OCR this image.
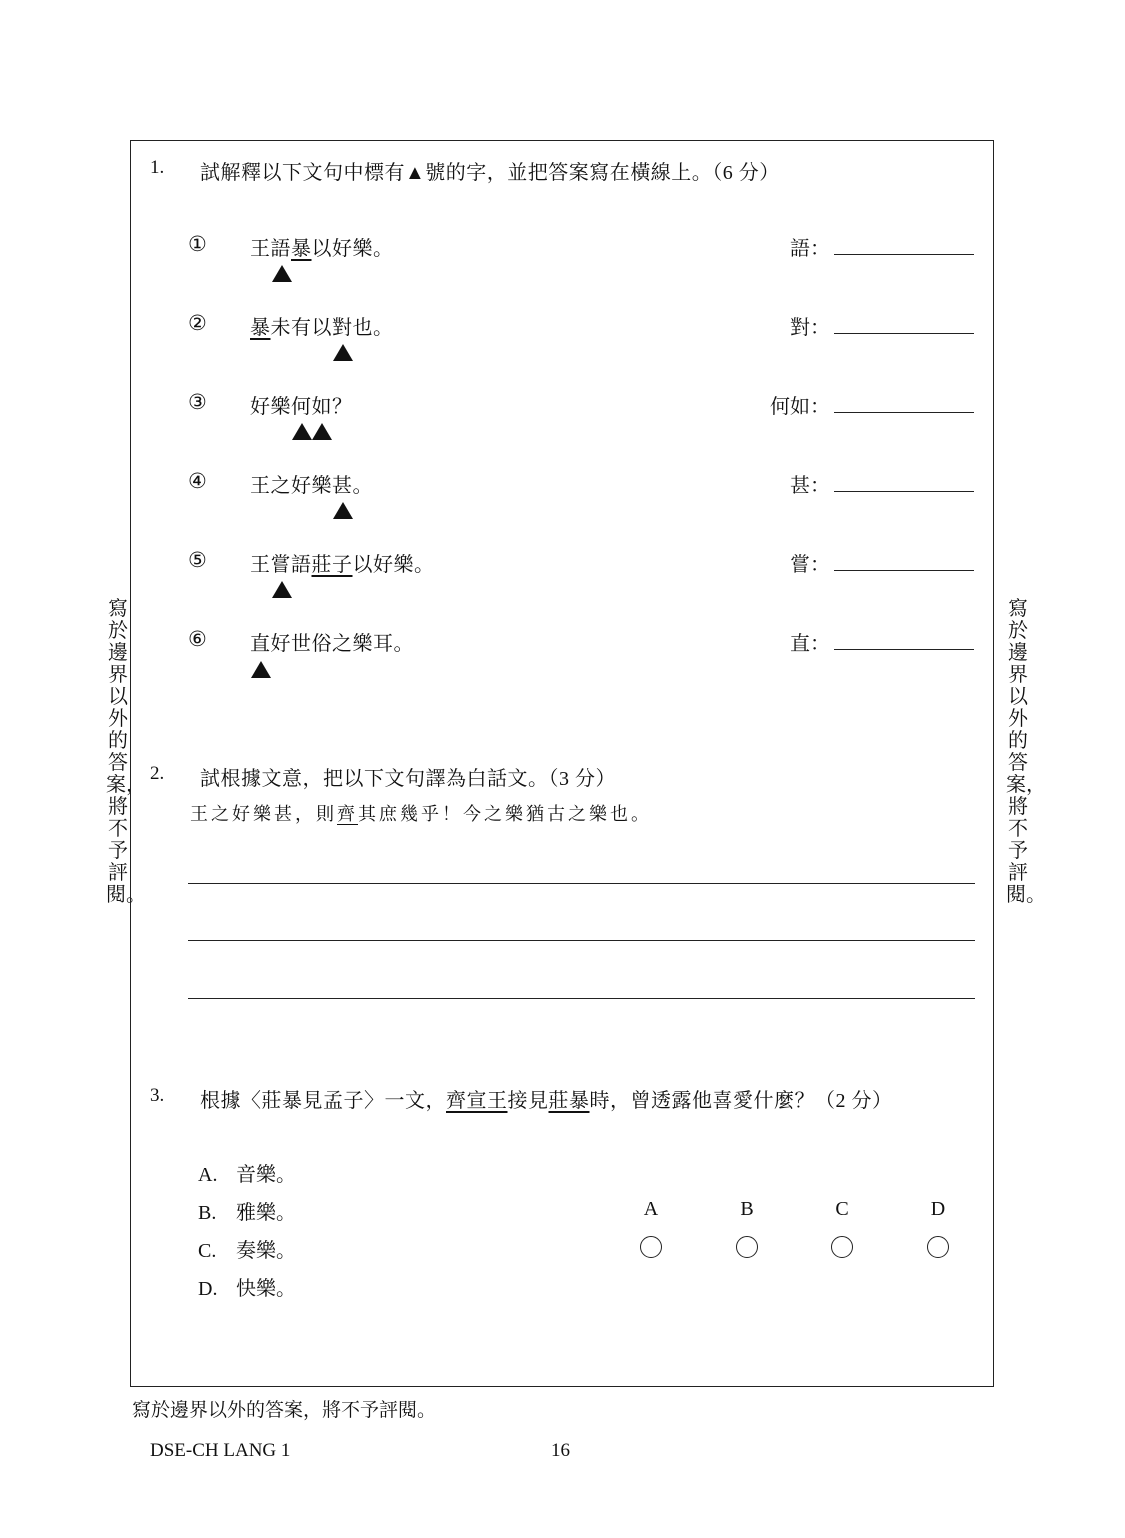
寫於邊界以外的答案，將不予評閱。
寫於邊界以外的答案，將不予評閱。
1. 試解釋以下文句中標有▲號的字，並把答案寫在橫線上。（6 分）
① 王語暴以好樂。	語：
② 暴未有以對也。	對：
③ 好樂何如？	何如：
④ 王之好樂甚。	甚：
⑤ 王嘗語莊子以好樂。	嘗：
⑥ 直好世俗之樂耳。	直：
2. 試根據文意，把以下文句譯為白話文。（3 分）
王之好樂甚，則齊其庶幾乎！今之樂猶古之樂也。
3. 根據〈莊暴見孟子〉一文，齊宣王接見莊暴時，曾透露他喜愛什麼？（2 分）
A. 音樂。
B. 雅樂。
C. 奏樂。
D. 快樂。
A	B	C	D
寫於邊界以外的答案，將不予評閱。
DSE-CH LANG 1	16
